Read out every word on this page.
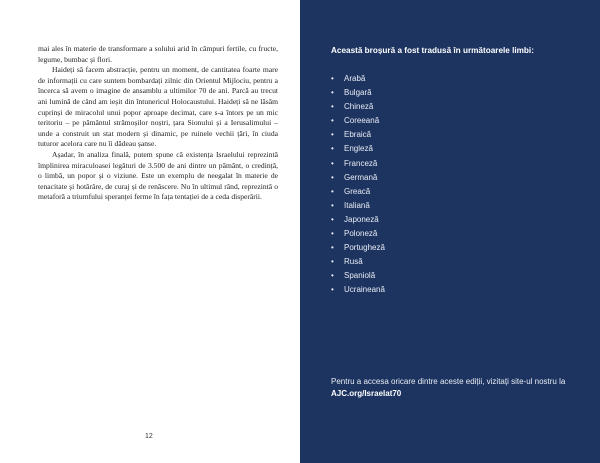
mai ales în materie de transformare a solului arid în câmpuri fertile, cu fructe, legume, bumbac și flori.

Haideți să facem abstracție, pentru un moment, de cantitatea foarte mare de informații cu care suntem bombardați zilnic din Orientul Mijlociu, pentru a încerca să avem o imagine de ansamblu a ultimilor 70 de ani. Parcă au trecut ani lumină de când am ieșit din întunericul Holocaustului. Haideți să ne lăsăm cuprinși de miracolul unui popor aproape decimat, care s-a întors pe un mic teritoriu – pe pământul strămoșilor noștri, țara Sionului și a Ierusalimului – unde a construit un stat modern și dinamic, pe ruinele vechii țări, în ciuda tuturor acelora care nu îi dădeau șanse.

Așadar, în analiza finală, putem spune că existența Israelului reprezintă împlinirea miraculoasei legături de 3.500 de ani dintre un pământ, o credință, o limbă, un popor și o viziune. Este un exemplu de neegalat în materie de tenacitate și hotărâre, de curaj și de renăscere. Nu în ultimul rând, reprezintă o metaforă a triumfului speranței ferme în fața tentației de a ceda disperării.

12
Această broșură a fost tradusă în următoarele limbi:
• Arabă
• Bulgară
• Chineză
• Coreeană
• Ebraică
• Engleză
• Franceză
• Germană
• Greacă
• Italiană
• Japoneză
• Poloneză
• Portugheză
• Rusă
• Spaniolă
• Ucraineană
Pentru a accesa oricare dintre aceste ediții, vizitați site-ul nostru la AJC.org/Israelat70
